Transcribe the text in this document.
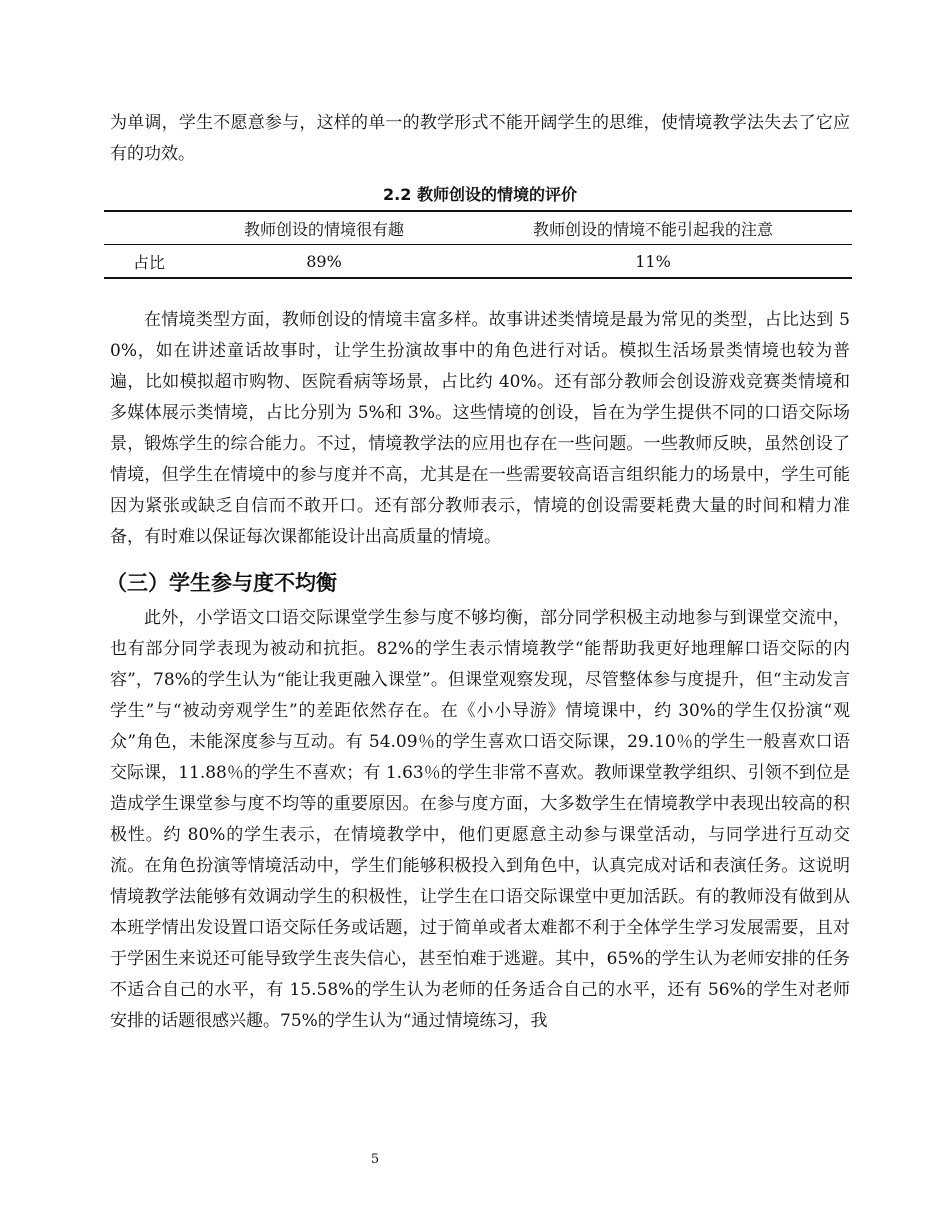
为单调，学生不愿意参与，这样的单一的教学形式不能开阔学生的思维，使情境教学法失去了它应有的功效。

2.2 教师创设的情境的评价
	教师创设的情境很有趣	教师创设的情境不能引起我的注意
占比	89%	11%

在情境类型方面，教师创设的情境丰富多样。故事讲述类情境是最为常见的类型，占比达到 50%，如在讲述童话故事时，让学生扮演故事中的角色进行对话。模拟生活场景类情境也较为普遍，比如模拟超市购物、医院看病等场景，占比约 40%。还有部分教师会创设游戏竞赛类情境和多媒体展示类情境，占比分别为 5%和 3%。这些情境的创设，旨在为学生提供不同的口语交际场景，锻炼学生的综合能力。不过，情境教学法的应用也存在一些问题。一些教师反映，虽然创设了情境，但学生在情境中的参与度并不高，尤其是在一些需要较高语言组织能力的场景中，学生可能因为紧张或缺乏自信而不敢开口。还有部分教师表示，情境的创设需要耗费大量的时间和精力准备，有时难以保证每次课都能设计出高质量的情境。

（三）学生参与度不均衡

此外，小学语文口语交际课堂学生参与度不够均衡，部分同学积极主动地参与到课堂交流中，也有部分同学表现为被动和抗拒。82%的学生表示情境教学“能帮助我更好地理解口语交际的内容”，78%的学生认为“能让我更融入课堂”。但课堂观察发现，尽管整体参与度提升，但“主动发言学生”与“被动旁观学生”的差距依然存在。在《小小导游》情境课中，约 30%的学生仅扮演“观众”角色，未能深度参与互动。有 54.09％的学生喜欢口语交际课，29.10％的学生一般喜欢口语交际课，11.88％的学生不喜欢；有 1.63％的学生非常不喜欢。教师课堂教学组织、引领不到位是造成学生课堂参与度不均等的重要原因。在参与度方面，大多数学生在情境教学中表现出较高的积极性。约 80%的学生表示，在情境教学中，他们更愿意主动参与课堂活动，与同学进行互动交流。在角色扮演等情境活动中，学生们能够积极投入到角色中，认真完成对话和表演任务。这说明情境教学法能够有效调动学生的积极性，让学生在口语交际课堂中更加活跃。有的教师没有做到从本班学情出发设置口语交际任务或话题，过于简单或者太难都不利于全体学生学习发展需要，且对于学困生来说还可能导致学生丧失信心，甚至怕难于逃避。其中，65%的学生认为老师安排的任务不适合自己的水平，有 15.58%的学生认为老师的任务适合自己的水平，还有 56%的学生对老师安排的话题很感兴趣。75%的学生认为“通过情境练习，我

5
